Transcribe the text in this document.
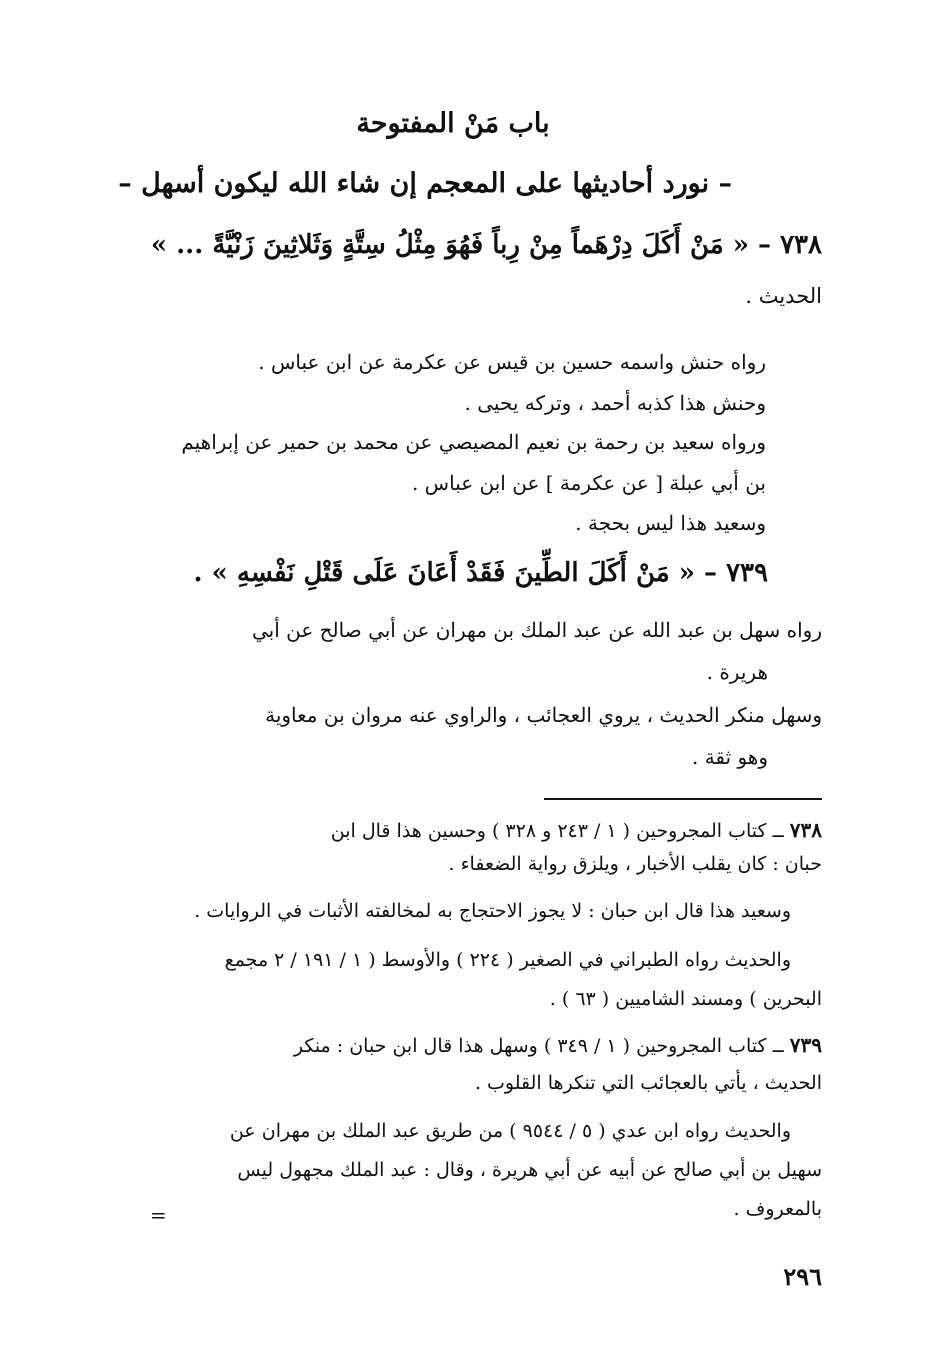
باب مَنْ المفتوحة
– نورد أحاديثها على المعجم إن شاء الله ليكون أسهل –
٧٣٨ – « مَنْ أَكَلَ دِرْهَماً مِنْ رِباً فَهُوَ مِثْلُ سِتَّةٍ وَثَلاثِينَ زَنْيَّةً ... »
الحديث .
رواه حنش واسمه حسين بن قيس عن عكرمة عن ابن عباس .
وحنش هذا كذبه أحمد ، وتركه يحيى .
ورواه سعيد بن رحمة بن نعيم المصيصي عن محمد بن حمير عن إبراهيم
بن أبي عبلة [ عن عكرمة ] عن ابن عباس .
وسعيد هذا ليس بحجة .
٧٣٩ – « مَنْ أَكَلَ الطِّينَ فَقَدْ أَعَانَ عَلَى قَتْلِ نَفْسِهِ » .
رواه سهل بن عبد الله عن عبد الملك بن مهران عن أبي صالح عن أبي
هريرة .
وسهل منكر الحديث ، يروي العجائب ، والراوي عنه مروان بن معاوية
وهو ثقة .
٧٣٨ ــ كتاب المجروحين ( ١ / ٢٤٣ و ٣٢٨ ) وحسين هذا قال ابن
حبان : كان يقلب الأخبار ، ويلزق رواية الضعفاء .
وسعيد هذا قال ابن حبان : لا يجوز الاحتجاج به لمخالفته الأثبات في الروايات .
والحديث رواه الطبراني في الصغير ( ٢٢٤ ) والأوسط ( ١ / ١٩١ / ٢ مجمع
البحرين ) ومسند الشاميين ( ٦٣ ) .
٧٣٩ ــ كتاب المجروحين ( ١ / ٣٤٩ ) وسهل هذا قال ابن حبان : منكر
الحديث ، يأتي بالعجائب التي تنكرها القلوب .
والحديث رواه ابن عدي ( ٥ / ٩٥٤٤ ) من طريق عبد الملك بن مهران عن
سهيل بن أبي صالح عن أبيه عن أبي هريرة ، وقال : عبد الملك مجهول ليس
بالمعروف .
=
٢٩٦
